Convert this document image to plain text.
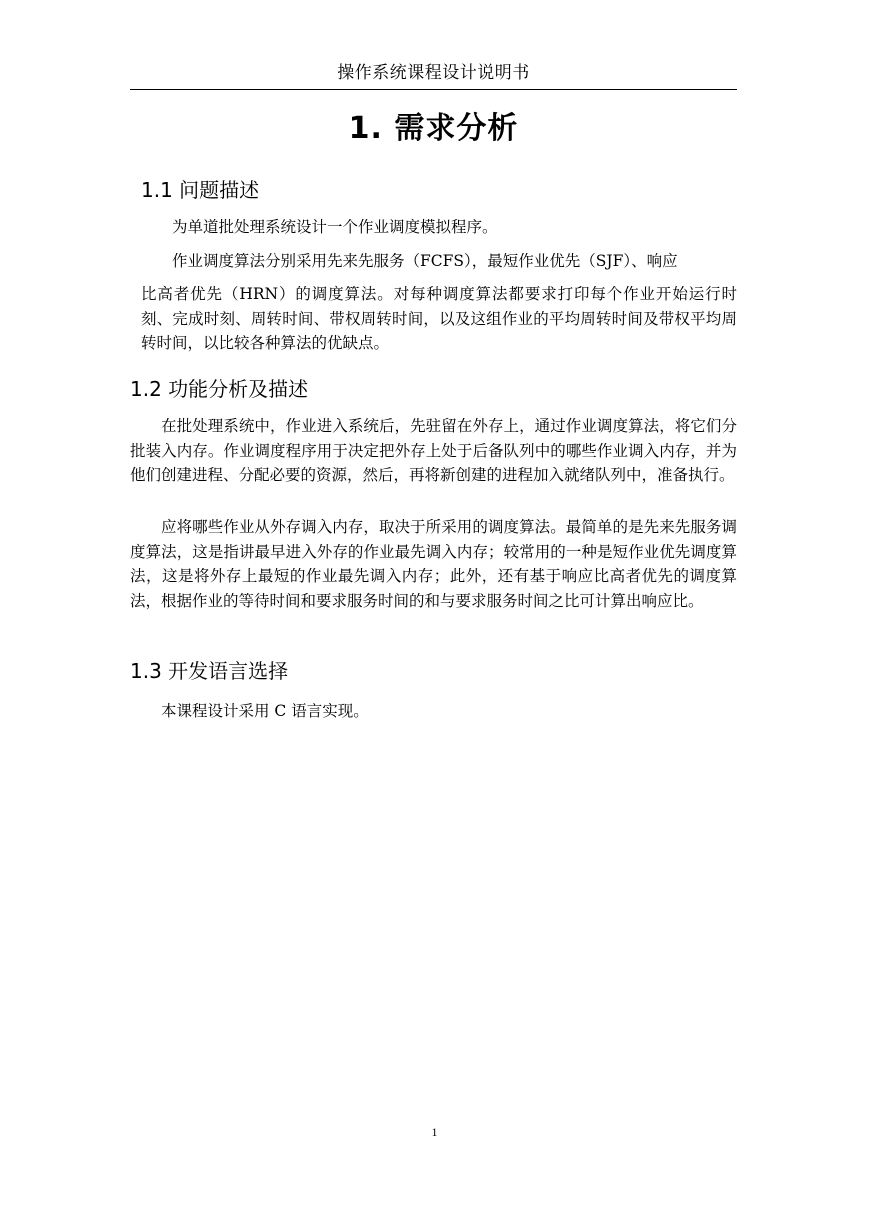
操作系统课程设计说明书
1. 需求分析
1.1 问题描述
为单道批处理系统设计一个作业调度模拟程序。
作业调度算法分别采用先来先服务（FCFS），最短作业优先（SJF）、响应
比高者优先（HRN）的调度算法。对每种调度算法都要求打印每个作业开始运行时刻、完成时刻、周转时间、带权周转时间，以及这组作业的平均周转时间及带权平均周转时间，以比较各种算法的优缺点。
1.2 功能分析及描述
在批处理系统中，作业进入系统后，先驻留在外存上，通过作业调度算法，将它们分批装入内存。作业调度程序用于决定把外存上处于后备队列中的哪些作业调入内存，并为他们创建进程、分配必要的资源，然后，再将新创建的进程加入就绪队列中，准备执行。
应将哪些作业从外存调入内存，取决于所采用的调度算法。最简单的是先来先服务调度算法，这是指讲最早进入外存的作业最先调入内存；较常用的一种是短作业优先调度算法，这是将外存上最短的作业最先调入内存；此外，还有基于响应比高者优先的调度算法，根据作业的等待时间和要求服务时间的和与要求服务时间之比可计算出响应比。
1.3 开发语言选择
本课程设计采用 C 语言实现。
1
